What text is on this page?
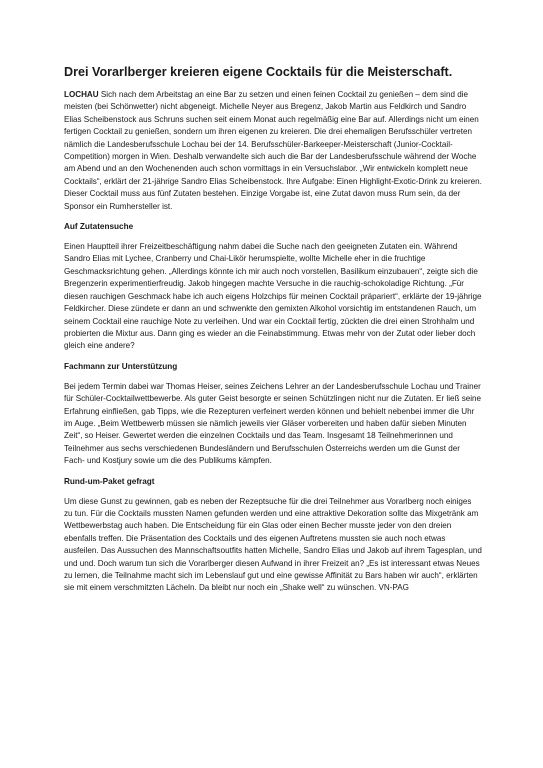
Drei Vorarlberger kreieren eigene Cocktails für die Meisterschaft.

LOCHAU Sich nach dem Arbeitstag an eine Bar zu setzen und einen feinen Cocktail zu genießen – dem sind die meisten (bei Schönwetter) nicht abgeneigt. Michelle Neyer aus Bregenz, Jakob Martin aus Feldkirch und Sandro Elias Scheibenstock aus Schruns suchen seit einem Monat auch regelmäßig eine Bar auf. Allerdings nicht um einen fertigen Cocktail zu genießen, sondern um ihren eigenen zu kreieren. Die drei ehemaligen Berufsschüler vertreten nämlich die Landesberufsschule Lochau bei der 14. Berufsschüler-Barkeeper-Meisterschaft (Junior-Cocktail-Competition) morgen in Wien. Deshalb verwandelte sich auch die Bar der Landesberufsschule während der Woche am Abend und an den Wochenenden auch schon vormittags in ein Versuchslabor. „Wir entwickeln komplett neue Cocktails“, erklärt der 21-jährige Sandro Elias Scheibenstock. Ihre Aufgabe: Einen Highlight-Exotic-Drink zu kreieren. Dieser Cocktail muss aus fünf Zutaten bestehen. Einzige Vorgabe ist, eine Zutat davon muss Rum sein, da der Sponsor ein Rumhersteller ist.

Auf Zutatensuche

Einen Hauptteil ihrer Freizeitbeschäftigung nahm dabei die Suche nach den geeigneten Zutaten ein. Während Sandro Elias mit Lychee, Cranberry und Chai-Likör herumspielte, wollte Michelle eher in die fruchtige Geschmacksrichtung gehen. „Allerdings könnte ich mir auch noch vorstellen, Basilikum einzubauen“, zeigte sich die Bregenzerin experimentierfreudig. Jakob hingegen machte Versuche in die rauchig-schokoladige Richtung. „Für diesen rauchigen Geschmack habe ich auch eigens Holzchips für meinen Cocktail präpariert“, erklärte der 19-jährige Feldkircher. Diese zündete er dann an und schwenkte den gemixten Alkohol vorsichtig im entstandenen Rauch, um seinem Cocktail eine rauchige Note zu verleihen. Und war ein Cocktail fertig, zückten die drei einen Strohhalm und probierten die Mixtur aus. Dann ging es wieder an die Feinabstimmung. Etwas mehr von der Zutat oder lieber doch gleich eine andere?

Fachmann zur Unterstützung

Bei jedem Termin dabei war Thomas Heiser, seines Zeichens Lehrer an der Landesberufsschule Lochau und Trainer für Schüler-Cocktailwettbewerbe. Als guter Geist besorgte er seinen Schützlingen nicht nur die Zutaten. Er ließ seine Erfahrung einfließen, gab Tipps, wie die Rezepturen verfeinert werden können und behielt nebenbei immer die Uhr im Auge. „Beim Wettbewerb müssen sie nämlich jeweils vier Gläser vorbereiten und haben dafür sieben Minuten Zeit“, so Heiser. Gewertet werden die einzelnen Cocktails und das Team. Insgesamt 18 Teilnehmerinnen und Teilnehmer aus sechs verschiedenen Bundesländern und Berufsschulen Österreichs werden um die Gunst der Fach- und Kostjury sowie um die des Publikums kämpfen.

Rund-um-Paket gefragt

Um diese Gunst zu gewinnen, gab es neben der Rezeptsuche für die drei Teilnehmer aus Vorarlberg noch einiges zu tun. Für die Cocktails mussten Namen gefunden werden und eine attraktive Dekoration sollte das Mixgetränk am Wettbewerbstag auch haben. Die Entscheidung für ein Glas oder einen Becher musste jeder von den dreien ebenfalls treffen. Die Präsentation des Cocktails und des eigenen Auftretens mussten sie auch noch etwas ausfeilen. Das Aussuchen des Mannschaftsoutfits hatten Michelle, Sandro Elias und Jakob auf ihrem Tagesplan, und und und. Doch warum tun sich die Vorarlberger diesen Aufwand in ihrer Freizeit an? „Es ist interessant etwas Neues zu lernen, die Teilnahme macht sich im Lebenslauf gut und eine gewisse Affinität zu Bars haben wir auch“, erklärten sie mit einem verschmitzten Lächeln. Da bleibt nur noch ein „Shake well“ zu wünschen. VN-PAG
